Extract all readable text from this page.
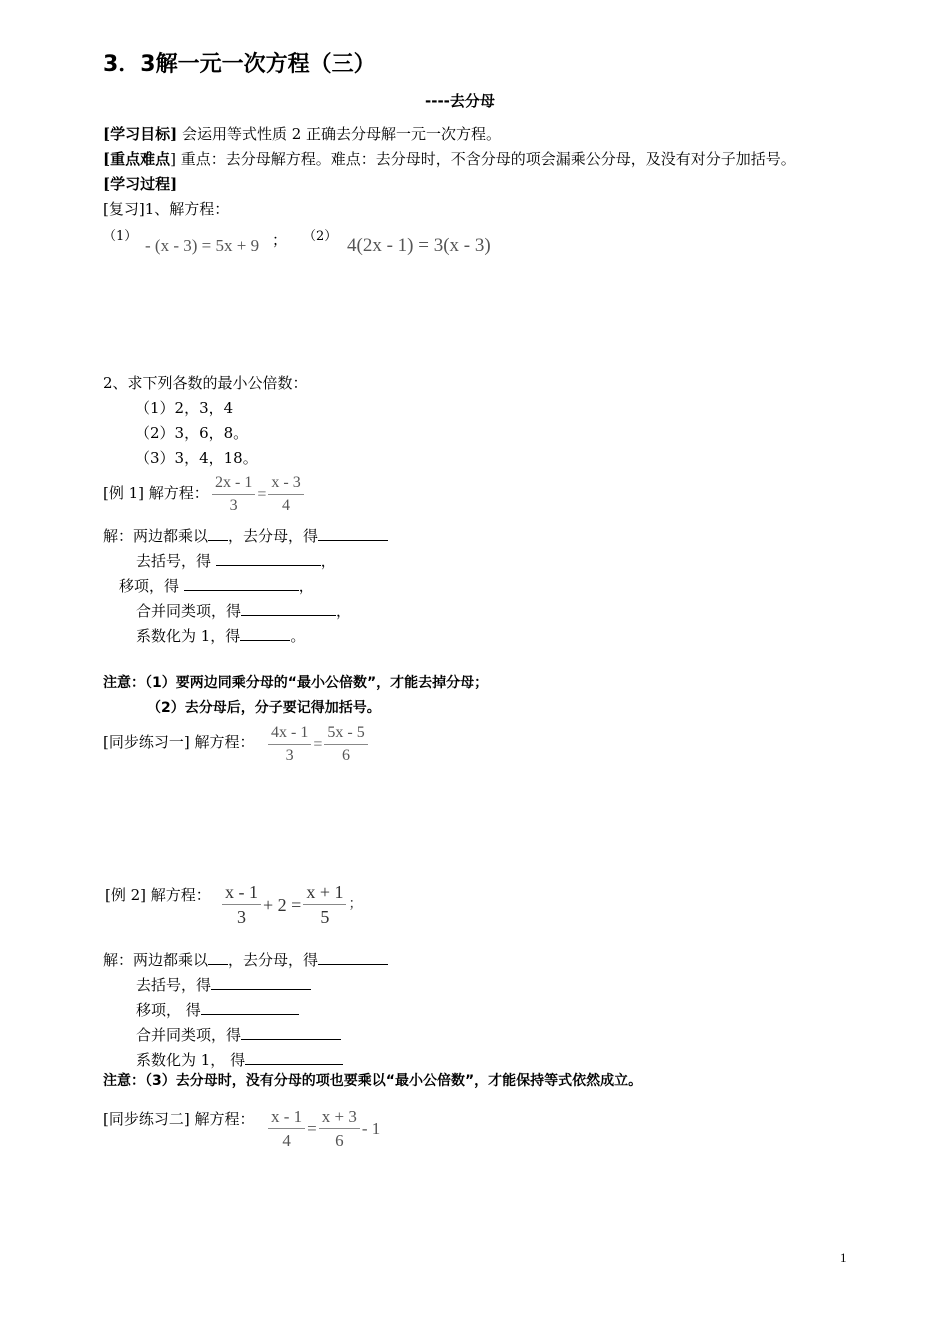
3．3解一元一次方程（三）
----去分母
[学习目标] 会运用等式性质 2 正确去分母解一元一次方程。
[重点难点] 重点：去分母解方程。难点：去分母时，不含分母的项会漏乘公分母，及没有对分子加括号。
[学习过程]
[复习]1、解方程：
（1） - (x - 3) = 5x + 9 ； （2） 4(2x - 1) = 3(x - 3)
2、求下列各数的最小公倍数：
（1）2，3，4
（2）3，6，8。
（3）3，4，18。
[例 1] 解方程： $\frac{2x - 1}{3} = \frac{x - 3}{4}$
解：两边都乘以 ，去分母，得
去括号，得	，
移项，得	，
合并同类项，得	，
系数化为 1，得	。
注意：（1）要两边同乘分母的“最小公倍数”，才能去掉分母；
（2）去分母后，分子要记得加括号。
[同步练习一] 解方程： $\frac{4x - 1}{3} = \frac{5x - 5}{6}$
[例 2] 解方程： $\frac{x - 1}{3} + 2 = \frac{x + 1}{5}$ ；
解：两边都乘以 ，去分母，得
去括号，得
移项， 得
合并同类项，得
系数化为 1， 得
注意：（3）去分母时，没有分母的项也要乘以“最小公倍数”，才能保持等式依然成立。
[同步练习二] 解方程： $\frac{x - 1}{4} = \frac{x + 3}{6} - 1$
1
